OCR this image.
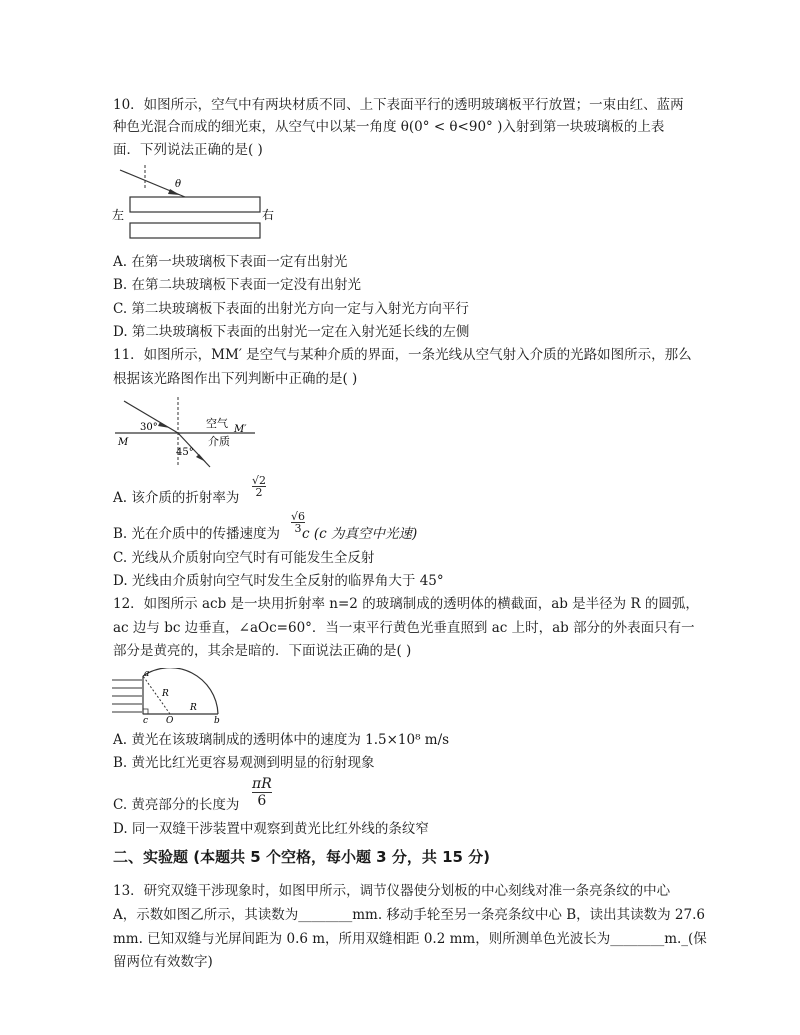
10．如图所示，空气中有两块材质不同、上下表面平行的透明玻璃板平行放置；一束由红、蓝两
种色光混合而成的细光束，从空气中以某一角度 θ(0° < θ<90° )入射到第一块玻璃板的上表
面．下列说法正确的是( )
θ
左	右
A. 在第一块玻璃板下表面一定有出射光
B. 在第二块玻璃板下表面一定没有出射光
C. 第二块玻璃板下表面的出射光方向一定与入射光方向平行
D. 第二块玻璃板下表面的出射光一定在入射光延长线的左侧
11．如图所示，MM′ 是空气与某种介质的界面，一条光线从空气射入介质的光路如图所示，那么
根据该光路图作出下列判断中正确的是( )
30°
45°
空气
介质
M
M′
A. 该介质的折射率为 $\frac{√2}{2}$
B. 光在介质中的传播速度为 c (c 为真空中光速)
$\frac{√6}{3}$
C. 光线从介质射向空气时有可能发生全反射
D. 光线由介质射向空气时发生全反射的临界角大于 45°
12．如图所示 acb 是一块用折射率 n=2 的玻璃制成的透明体的横截面，ab 是半径为 R 的圆弧，
ac 边与 bc 边垂直，∠aOc=60°．当一束平行黄色光垂直照到 ac 上时，ab 部分的外表面只有一
部分是黄亮的，其余是暗的．下面说法正确的是( )
a
c O	b
R
R
A. 黄光在该玻璃制成的透明体中的速度为 1.5×10⁸ m/s
B. 黄光比红光更容易观测到明显的衍射现象
C. 黄亮部分的长度为 $\frac{\pi R}{6}$
D. 同一双缝干涉装置中观察到黄光比红外线的条纹窄
二、实验题 (本题共 5 个空格，每小题 3 分，共 15 分)
13．研究双缝干涉现象时，如图甲所示，调节仪器使分划板的中心刻线对准一条亮条纹的中心
A，示数如图乙所示，其读数为________mm. 移动手轮至另一条亮条纹中心 B，读出其读数为 27.6
mm. 已知双缝与光屏间距为 0.6 m，所用双缝相距 0.2 mm，则所测单色光波长为________m._(保
留两位有效数字)
